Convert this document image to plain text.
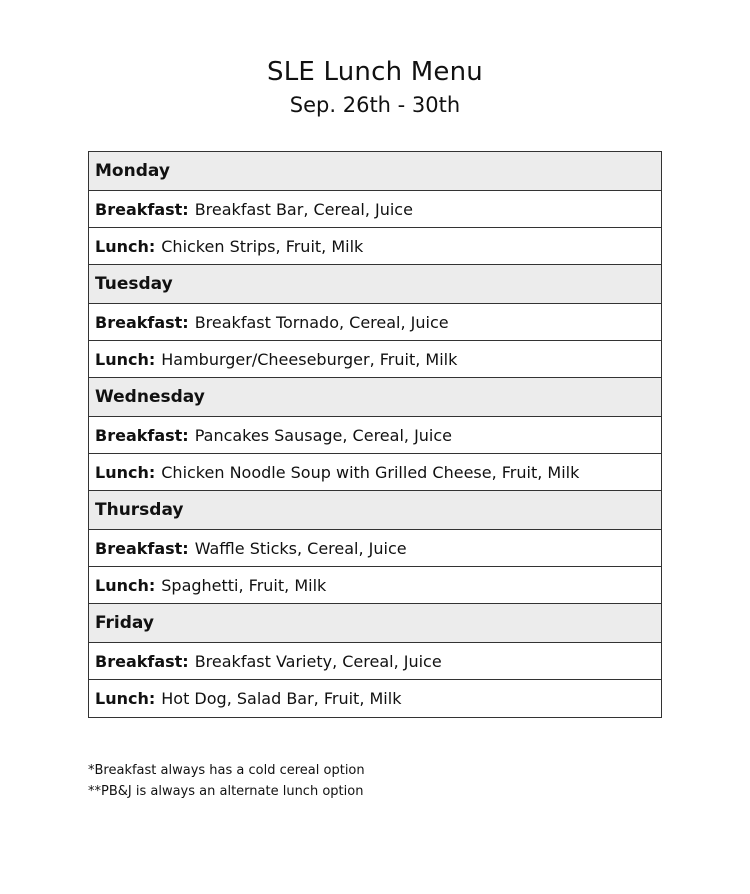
SLE Lunch Menu
Sep. 26th - 30th
Monday
Breakfast: Breakfast Bar, Cereal, Juice
Lunch: Chicken Strips, Fruit, Milk
Tuesday
Breakfast: Breakfast Tornado, Cereal, Juice
Lunch: Hamburger/Cheeseburger, Fruit, Milk
Wednesday
Breakfast: Pancakes Sausage, Cereal, Juice
Lunch: Chicken Noodle Soup with Grilled Cheese, Fruit, Milk
Thursday
Breakfast: Waffle Sticks, Cereal, Juice
Lunch: Spaghetti, Fruit, Milk
Friday
Breakfast: Breakfast Variety, Cereal, Juice
Lunch: Hot Dog, Salad Bar, Fruit, Milk
*Breakfast always has a cold cereal option
**PB&J is always an alternate lunch option
